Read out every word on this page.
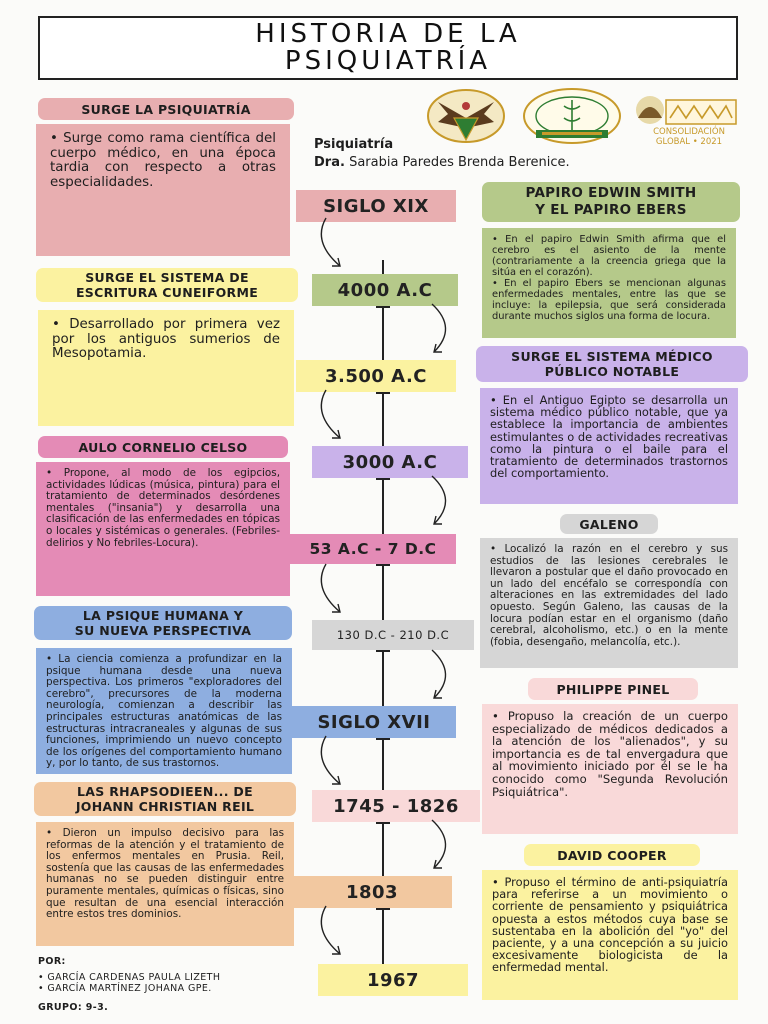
HISTORIA DE LA
PSIQUIATRÍA
CONSOLIDACIÓN
GLOBAL • 2021
Psiquiatría
Dra. Sarabia Paredes Brenda Berenice.
SURGE LA PSIQUIATRÍA
• Surge como rama científica del cuerpo médico, en una época tardia con respecto a otras especialidades.
SURGE EL SISTEMA DE
ESCRITURA CUNEIFORME
• Desarrollado por primera vez por los antiguos sumerios de Mesopotamia.
AULO CORNELIO CELSO
• Propone, al modo de los egipcios, actividades lúdicas (música, pintura) para el tratamiento de determinados desórdenes mentales ("insania") y desarrolla una clasificación de las enfermedades en tópicas o locales y sistémicas o generales. (Febriles-delirios y No febriles-Locura).
LA PSIQUE HUMANA Y
SU NUEVA PERSPECTIVA
• La ciencia comienza a profundizar en la psique humana desde una nueva perspectiva. Los primeros "exploradores del cerebro", precursores de la moderna neurología, comienzan a describir las principales estructuras anatómicas de las estructuras intracraneales y algunas de sus funciones, imprimiendo un nuevo concepto de los orígenes del comportamiento humano y, por lo tanto, de sus trastornos.
LAS RHAPSODIEEN... DE
JOHANN CHRISTIAN REIL
• Dieron un impulso decisivo para las reformas de la atención y el tratamiento de los enfermos mentales en Prusia. Reil, sostenía que las causas de las enfermedades humanas no se pueden distinguir entre puramente mentales, químicas o físicas, sino que resultan de una esencial interacción entre estos tres dominios.
PAPIRO EDWIN SMITH
Y EL PAPIRO EBERS
• En el papiro Edwin Smith afirma que el cerebro es el asiento de la mente (contrariamente a la creencia griega que la sitúa en el corazón).
• En el papiro Ebers se mencionan algunas enfermedades mentales, entre las que se incluye: la epilepsia, que será considerada durante muchos siglos una forma de locura.
SURGE EL SISTEMA MÉDICO
PÚBLICO NOTABLE
• En el Antiguo Egipto se desarrolla un sistema médico público notable, que ya establece la importancia de ambientes estimulantes o de actividades recreativas como la pintura o el baile para el tratamiento de determinados trastornos del comportamiento.
GALENO
• Localizó la razón en el cerebro y sus estudios de las lesiones cerebrales le llevaron a postular que el daño provocado en un lado del encéfalo se correspondía con alteraciones en las extremidades del lado opuesto. Según Galeno, las causas de la locura podían estar en el organismo (daño cerebral, alcoholismo, etc.) o en la mente (fobia, desengaño, melancolía, etc.).
PHILIPPE PINEL
• Propuso la creación de un cuerpo especializado de médicos dedicados a la atención de los "alienados", y su importancia es de tal envergadura que al movimiento iniciado por él se le ha conocido como "Segunda Revolución Psiquiátrica".
DAVID COOPER
• Propuso el término de anti-psiquiatría para referirse a un movimiento o corriente de pensamiento y psiquiátrica opuesta a estos métodos cuya base se sustentaba en la abolición del "yo" del paciente, y a una concepción a su juicio excesivamente biologicista de la enfermedad mental.
SIGLO XIX
4000 A.C
3.500 A.C
3000 A.C
53 A.C - 7 D.C
130 D.C - 210 D.C
SIGLO XVII
1745 - 1826
1803
1967
POR:
• GARCÍA CARDENAS PAULA LIZETH
• GARCÍA MARTÍNEZ JOHANA GPE.
GRUPO: 9-3.
